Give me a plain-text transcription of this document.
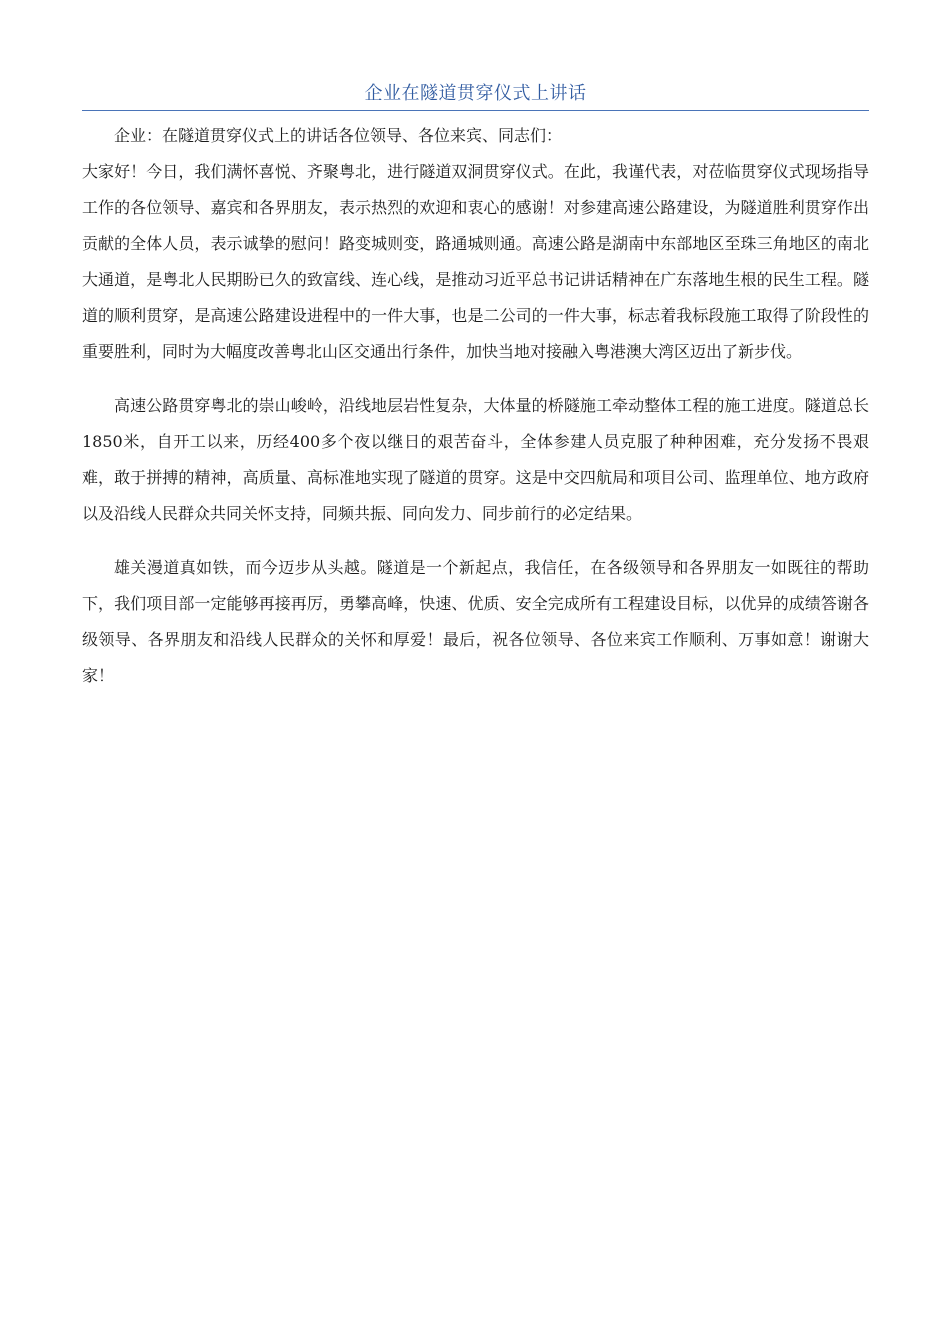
企业在隧道贯穿仪式上讲话

企业：在隧道贯穿仪式上的讲话各位领导、各位来宾、同志们：

大家好！今日，我们满怀喜悦、齐聚粤北，进行隧道双洞贯穿仪式。在此，我谨代表，对莅临贯穿仪式现场指导工作的各位领导、嘉宾和各界朋友，表示热烈的欢迎和衷心的感谢！对参建高速公路建设，为隧道胜利贯穿作出贡献的全体人员，表示诚挚的慰问！路变城则变，路通城则通。高速公路是湖南中东部地区至珠三角地区的南北大通道，是粤北人民期盼已久的致富线、连心线，是推动习近平总书记讲话精神在广东落地生根的民生工程。隧道的顺利贯穿，是高速公路建设进程中的一件大事，也是二公司的一件大事，标志着我标段施工取得了阶段性的重要胜利，同时为大幅度改善粤北山区交通出行条件，加快当地对接融入粤港澳大湾区迈出了新步伐。

高速公路贯穿粤北的崇山峻岭，沿线地层岩性复杂，大体量的桥隧施工牵动整体工程的施工进度。隧道总长1850米，自开工以来，历经400多个夜以继日的艰苦奋斗，全体参建人员克服了种种困难，充分发扬不畏艰难，敢于拼搏的精神，高质量、高标准地实现了隧道的贯穿。这是中交四航局和项目公司、监理单位、地方政府以及沿线人民群众共同关怀支持，同频共振、同向发力、同步前行的必定结果。

雄关漫道真如铁，而今迈步从头越。隧道是一个新起点，我信任，在各级领导和各界朋友一如既往的帮助下，我们项目部一定能够再接再厉，勇攀高峰，快速、优质、安全完成所有工程建设目标，以优异的成绩答谢各级领导、各界朋友和沿线人民群众的关怀和厚爱！最后，祝各位领导、各位来宾工作顺利、万事如意！谢谢大家！
